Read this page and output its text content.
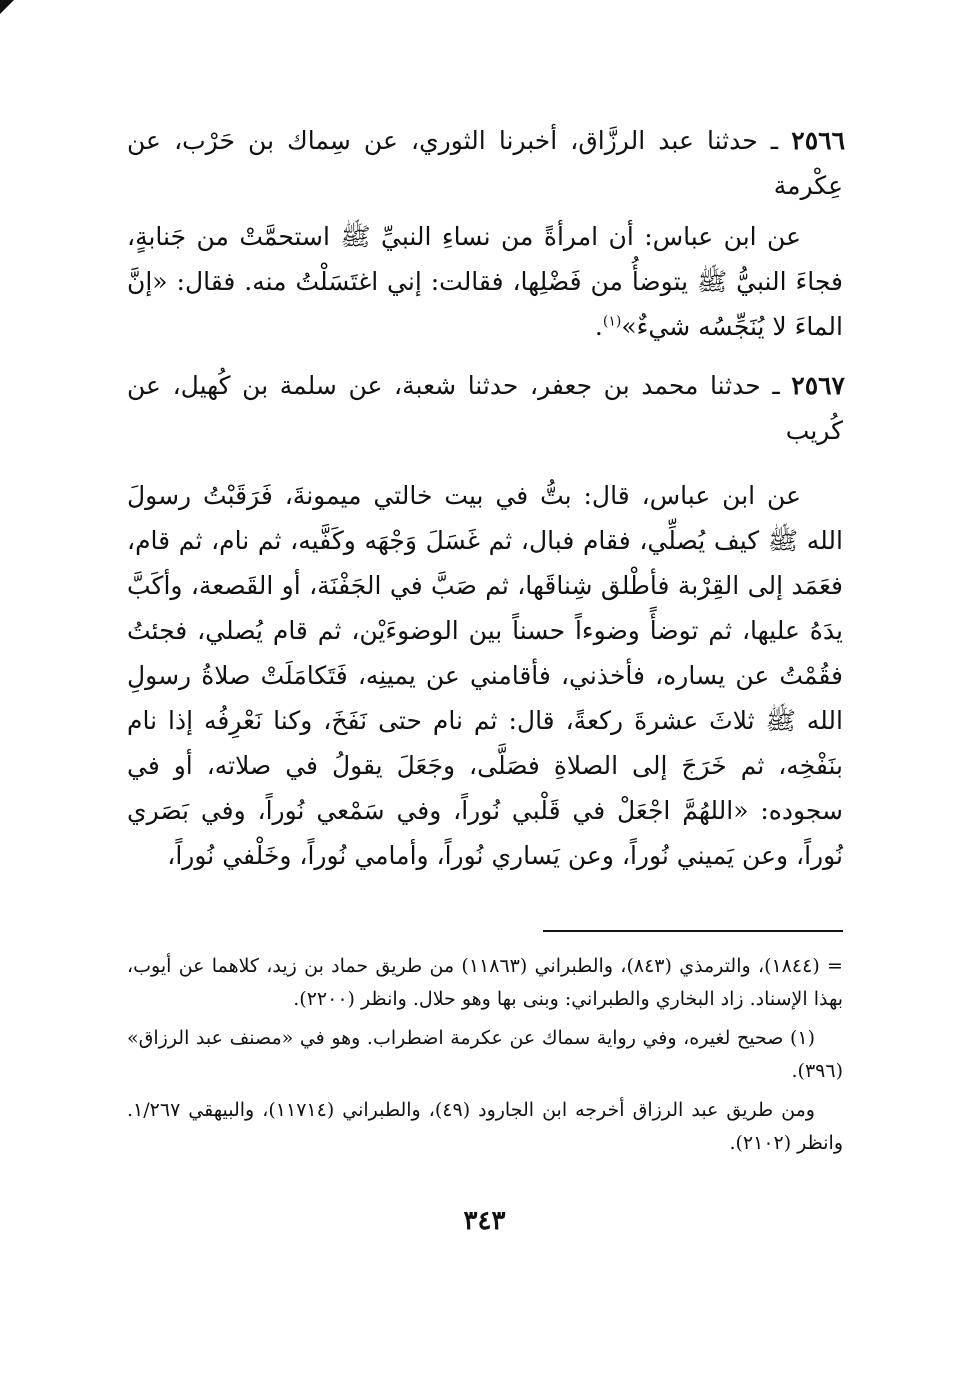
٢٥٦٦ ـ حدثنا عبد الرزَّاق، أخبرنا الثوري، عن سِماك بن حَرْب، عن عِكْرمة

عن ابن عباس: أن امرأةً من نساءِ النبيِّ ﷺ استحمَّتْ من جَنابةٍ، فجاءَ النبيُّ ﷺ يتوضأُ من فَضْلِها، فقالت: إني اغتَسَلْتُ منه. فقال: «إنَّ الماءَ لا يُنَجِّسُه شيءٌ»$^{(١)}$.

٢٥٦٧ ـ حدثنا محمد بن جعفر، حدثنا شعبة، عن سلمة بن كُهيل، عن كُريب

عن ابن عباس، قال: بتُّ في بيت خالتي ميمونةَ، فَرَقَبْتُ رسولَ الله ﷺ كيف يُصلِّي، فقام فبال، ثم غَسَلَ وَجْهَه وكَفَّيه، ثم نام، ثم قام، فعَمَد إلى القِرْبة فأطْلق شِناقَها، ثم صَبَّ في الجَفْنَة، أو القَصعة، وأكَبَّ يدَهُ عليها، ثم توضأً وضوءاً حسناً بين الوضوءَيْن، ثم قام يُصلي، فجئتُ فقُمْتُ عن يساره، فأخذني، فأقامني عن يمينِه، فَتَكامَلَتْ صلاةُ رسولِ الله ﷺ ثلاثَ عشرةَ ركعةً، قال: ثم نام حتى نَفَخَ، وكنا نَعْرِفُه إذا نام بنَفْخِه، ثم خَرَجَ إلى الصلاةِ فصَلَّى، وجَعَلَ يقولُ في صلاته، أو في سجوده: «اللهُمَّ اجْعَلْ في قَلْبي نُوراً، وفي سَمْعي نُوراً، وفي بَصَري نُوراً، وعن يَميني نُوراً، وعن يَساري نُوراً، وأمامي نُوراً، وخَلْفي نُوراً،

= (١٨٤٤)، والترمذي (٨٤٣)، والطبراني (١١٨٦٣) من طريق حماد بن زيد، كلاهما عن أيوب، بهذا الإسناد. زاد البخاري والطبراني: وبنى بها وهو حلال. وانظر (٢٢٠٠).

(١) صحيح لغيره، وفي رواية سماك عن عكرمة اضطراب. وهو في «مصنف عبد الرزاق» (٣٩٦).

ومن طريق عبد الرزاق أخرجه ابن الجارود (٤٩)، والطبراني (١١٧١٤)، والبيهقي ١/٢٦٧. وانظر (٢١٠٢).

٣٤٣
